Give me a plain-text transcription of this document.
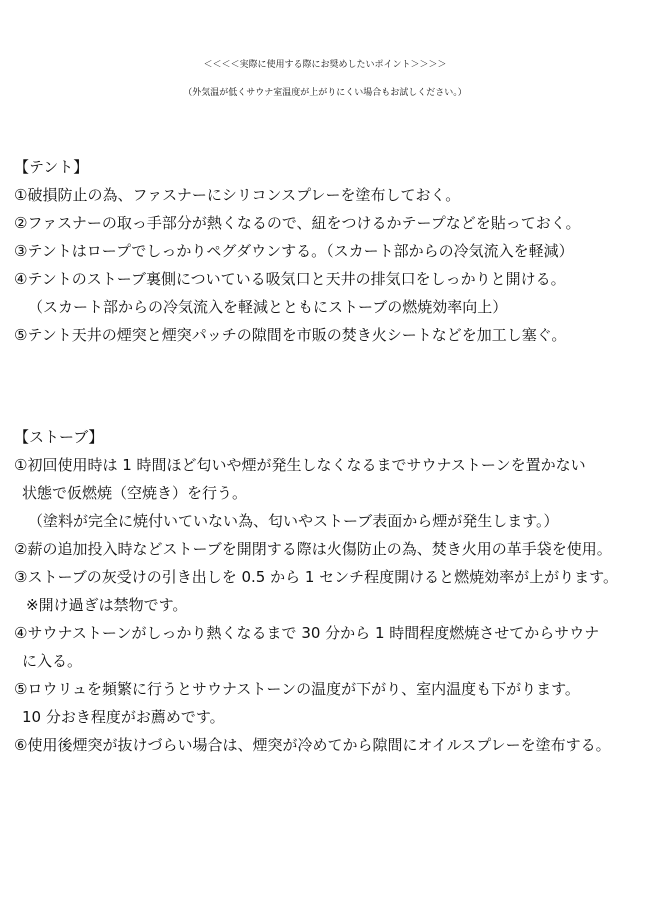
＜＜＜＜実際に使用する際にお奨めしたいポイント＞＞＞＞
（外気温が低くサウナ室温度が上がりにくい場合もお試しください。）
【テント】
①破損防止の為、ファスナーにシリコンスプレーを塗布しておく。
②ファスナーの取っ手部分が熱くなるので、紐をつけるかテープなどを貼っておく。
③テントはロープでしっかりペグダウンする。（スカート部からの冷気流入を軽減）
④テントのストーブ裏側についている吸気口と天井の排気口をしっかりと開ける。
（スカート部からの冷気流入を軽減とともにストーブの燃焼効率向上）
⑤テント天井の煙突と煙突パッチの隙間を市販の焚き火シートなどを加工し塞ぐ。
【ストーブ】
①初回使用時は 1 時間ほど匂いや煙が発生しなくなるまでサウナストーンを置かない
状態で仮燃焼（空焼き）を行う。
（塗料が完全に焼付いていない為、匂いやストーブ表面から煙が発生します。）
②薪の追加投入時などストーブを開閉する際は火傷防止の為、焚き火用の革手袋を使用。
③ストーブの灰受けの引き出しを 0.5 から 1 センチ程度開けると燃焼効率が上がります。
※開け過ぎは禁物です。
④サウナストーンがしっかり熱くなるまで 30 分から 1 時間程度燃焼させてからサウナ
に入る。
⑤ロウリュを頻繁に行うとサウナストーンの温度が下がり、室内温度も下がります。
10 分おき程度がお薦めです。
⑥使用後煙突が抜けづらい場合は、煙突が冷めてから隙間にオイルスプレーを塗布する。
